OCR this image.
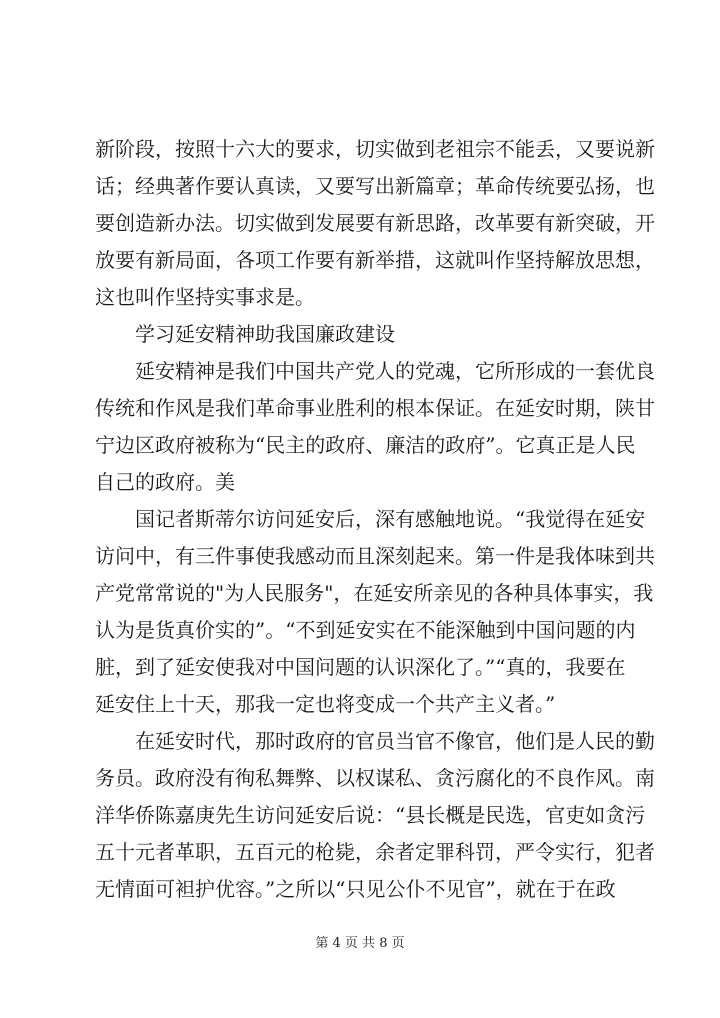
新阶段，按照十六大的要求，切实做到老祖宗不能丢，又要说新
话；经典著作要认真读，又要写出新篇章；革命传统要弘扬，也
要创造新办法。切实做到发展要有新思路，改革要有新突破，开
放要有新局面，各项工作要有新举措，这就叫作坚持解放思想，
这也叫作坚持实事求是。
学习延安精神助我国廉政建设
延安精神是我们中国共产党人的党魂，它所形成的一套优良
传统和作风是我们革命事业胜利的根本保证。在延安时期，陕甘
宁边区政府被称为“民主的政府、廉洁的政府”。它真正是人民
自己的政府。美
国记者斯蒂尔访问延安后，深有感触地说。“我觉得在延安
访问中，有三件事使我感动而且深刻起来。第一件是我体味到共
产党常常说的"为人民服务"，在延安所亲见的各种具体事实，我
认为是货真价实的”。“不到延安实在不能深触到中国问题的内
脏，到了延安使我对中国问题的认识深化了。”“真的，我要在
延安住上十天，那我一定也将变成一个共产主义者。”
在延安时代，那时政府的官员当官不像官，他们是人民的勤
务员。政府没有徇私舞弊、以权谋私、贪污腐化的不良作风。南
洋华侨陈嘉庚先生访问延安后说：“县长概是民选，官吏如贪污
五十元者革职，五百元的枪毙，余者定罪科罚，严令实行，犯者
无情面可袒护优容。”之所以“只见公仆不见官”，就在于在政
第 4 页 共 8 页
